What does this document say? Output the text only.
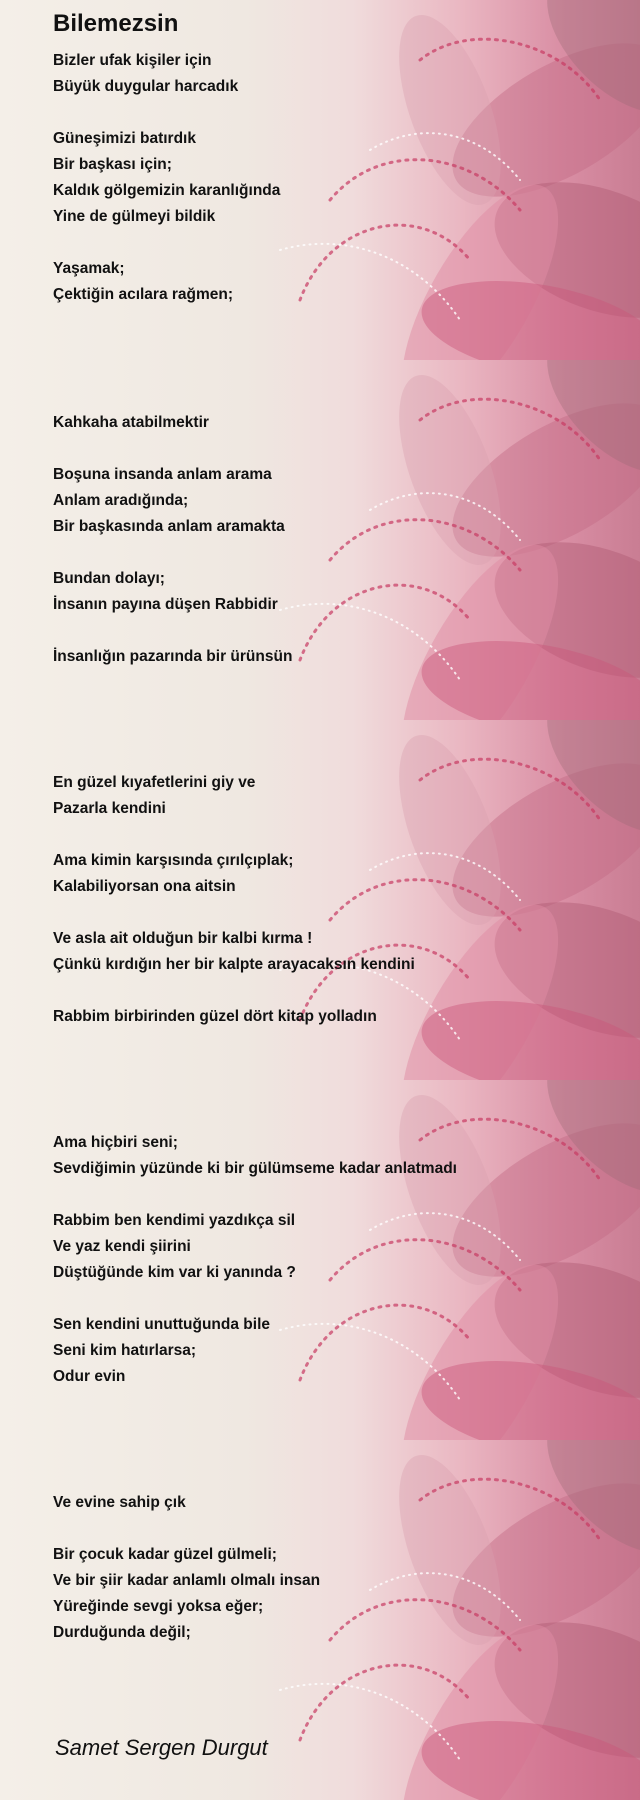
Bilemezsin
Bizler ufak kişiler için
Büyük duygular harcadık
Güneşimizi batırdık
Bir başkası için;
Kaldık gölgemizin karanlığında
Yine de gülmeyi bildik
Yaşamak;
Çektiğin acılara rağmen;
Kahkaha atabilmektir
Boşuna insanda anlam arama
Anlam aradığında;
Bir başkasında anlam aramakta
Bundan dolayı;
İnsanın payına düşen Rabbidir
İnsanlığın pazarında bir ürünsün
En güzel kıyafetlerini giy ve
Pazarla kendini
Ama kimin karşısında çırılçıplak;
Kalabiliyorsan ona aitsin
Ve asla ait olduğun bir kalbi kırma !
Çünkü kırdığın her bir kalpte arayacaksın kendini
Rabbim birbirinden güzel dört kitap yolladın
Ama hiçbiri seni;
Sevdiğimin yüzünde ki bir gülümseme kadar anlatmadı
Rabbim ben kendimi yazdıkça sil
Ve yaz kendi şiirini
Düştüğünde kim var ki yanında ?
Sen kendini unuttuğunda bile
Seni kim hatırlarsa;
Odur evin
Ve evine sahip çık
Bir çocuk kadar güzel gülmeli;
Ve bir şiir kadar anlamlı olmalı insan
Yüreğinde sevgi yoksa eğer;
Durduğunda değil;
Samet Sergen Durgut
